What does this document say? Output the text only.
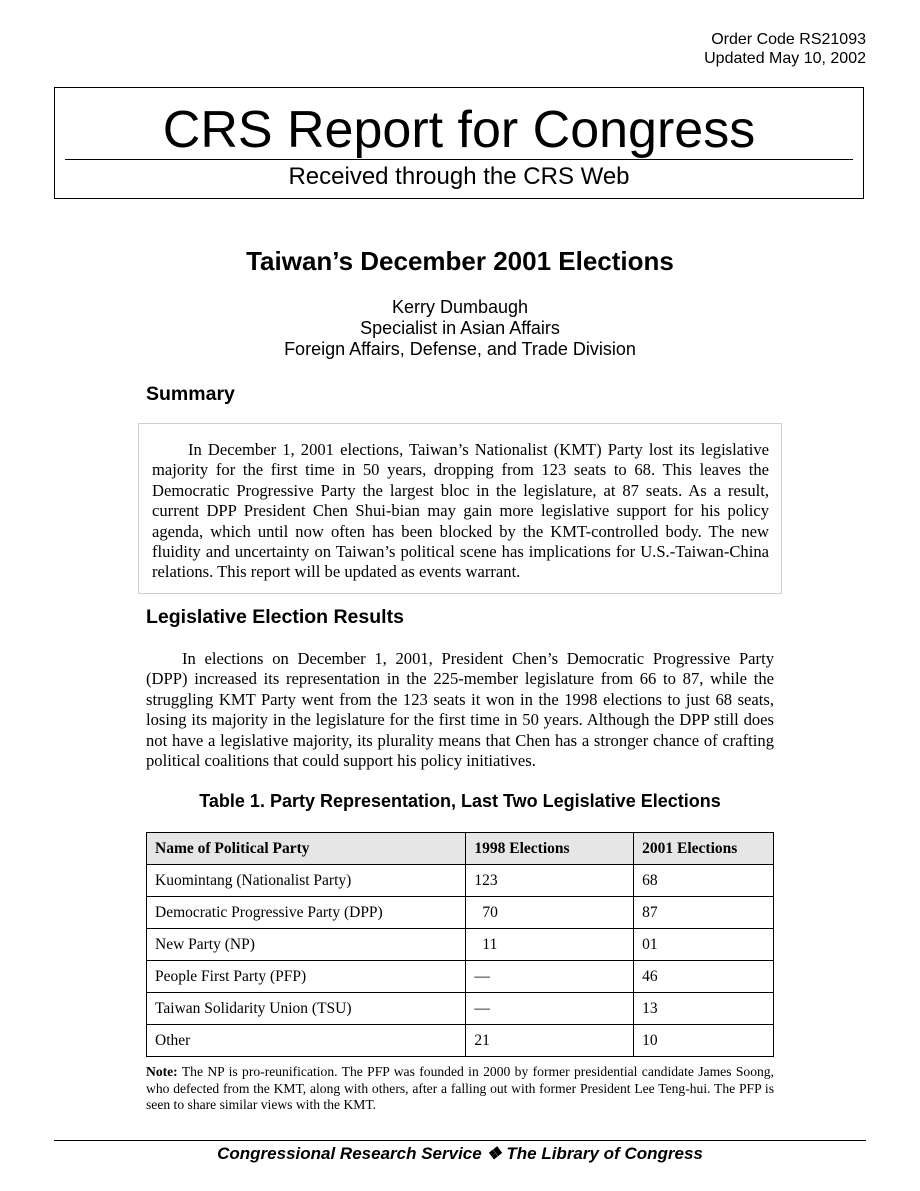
Order Code RS21093
Updated May 10, 2002
CRS Report for Congress
Received through the CRS Web
Taiwan’s December 2001 Elections
Kerry Dumbaugh
Specialist in Asian Affairs
Foreign Affairs, Defense, and Trade Division
Summary

In December 1, 2001 elections, Taiwan’s Nationalist (KMT) Party lost its legislative majority for the first time in 50 years, dropping from 123 seats to 68. This leaves the Democratic Progressive Party the largest bloc in the legislature, at 87 seats. As a result, current DPP President Chen Shui-bian may gain more legislative support for his policy agenda, which until now often has been blocked by the KMT-controlled body. The new fluidity and uncertainty on Taiwan’s political scene has implications for U.S.-Taiwan-China relations. This report will be updated as events warrant.

Legislative Election Results

In elections on December 1, 2001, President Chen’s Democratic Progressive Party (DPP) increased its representation in the 225-member legislature from 66 to 87, while the struggling KMT Party went from the 123 seats it won in the 1998 elections to just 68 seats, losing its majority in the legislature for the first time in 50 years. Although the DPP still does not have a legislative majority, its plurality means that Chen has a stronger chance of crafting political coalitions that could support his policy initiatives.

Table 1. Party Representation, Last Two Legislative Elections
Name of Political Party	1998 Elections	2001 Elections
Kuomintang (Nationalist Party)	123	68
Democratic Progressive Party (DPP)	70	87
New Party (NP)	11	01
People First Party (PFP)	—	46
Taiwan Solidarity Union (TSU)	—	13
Other	21	10
Note: The NP is pro-reunification. The PFP was founded in 2000 by former presidential candidate James Soong, who defected from the KMT, along with others, after a falling out with former President Lee Teng-hui. The PFP is seen to share similar views with the KMT.
Congressional Research Service ❖ The Library of Congress
